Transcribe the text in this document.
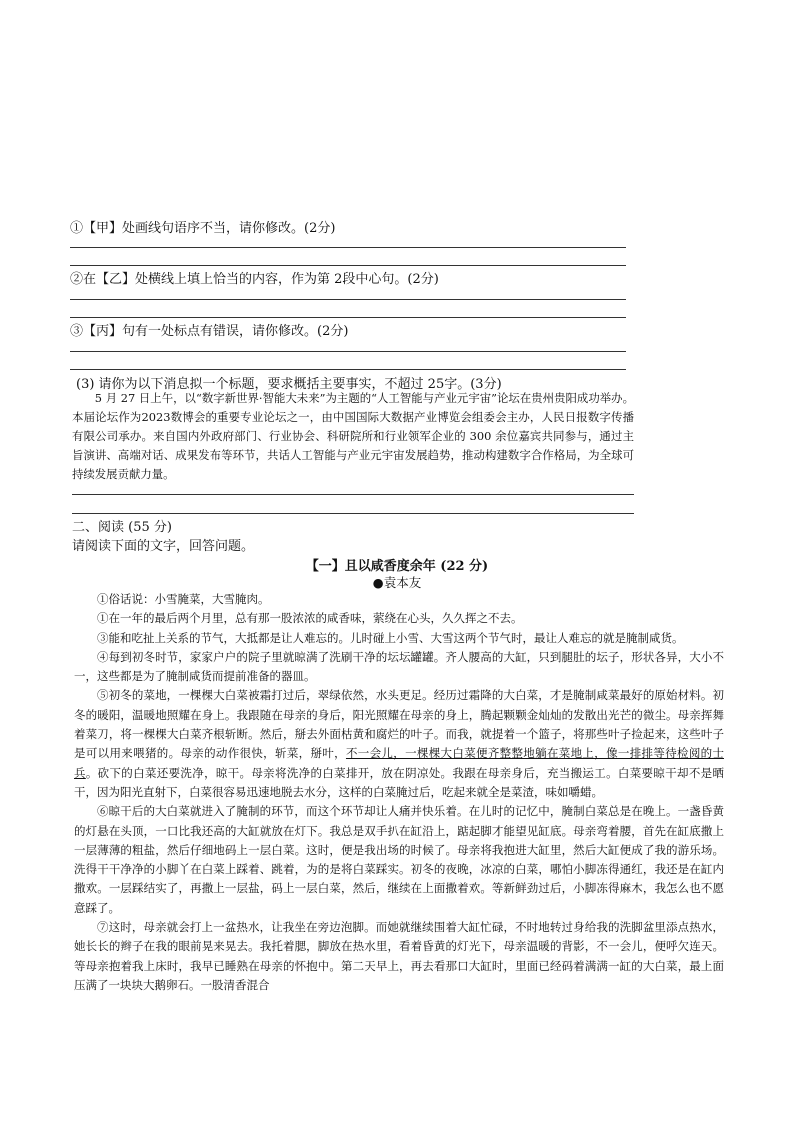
①【甲】处画线句语序不当，请你修改。(2分)
②在【乙】处横线上填上恰当的内容，作为第 2段中心句。(2分)
③【丙】句有一处标点有错误，请你修改。(2分)
(3) 请你为以下消息拟一个标题，要求概括主要事实，不超过 25字。(3分)
5 月 27 日上午，以“数字新世界·智能大未来”为主题的“人工智能与产业元宇宙”论坛在贵州贵阳成功举办。本届论坛作为2023数博会的重要专业论坛之一，由中国国际大数据产业博览会组委会主办，人民日报数字传播有限公司承办。来自国内外政府部门、行业协会、科研院所和行业领军企业的 300 余位嘉宾共同参与，通过主旨演讲、高端对话、成果发布等环节，共话人工智能与产业元宇宙发展趋势，推动构建数字合作格局，为全球可持续发展贡献力量。
二、阅读 (55 分)
请阅读下面的文字，回答问题。
【一】且以咸香度余年 (22 分)
●袁本友

①俗话说：小雪腌菜，大雪腌肉。

①在一年的最后两个月里，总有那一股浓浓的咸香味，萦绕在心头，久久挥之不去。

③能和吃扯上关系的节气，大抵都是让人难忘的。儿时碰上小雪、大雪这两个节气时，最让人难忘的就是腌制咸货。

④每到初冬时节，家家户户的院子里就晾满了洗刷干净的坛坛罐罐。齐人腰高的大缸，只到腿肚的坛子，形状各异，大小不一，这些都是为了腌制咸货而提前准备的器皿。

⑤初冬的菜地，一棵棵大白菜被霜打过后，翠绿依然，水头更足。经历过霜降的大白菜，才是腌制咸菜最好的原始材料。初冬的暖阳，温暖地照耀在身上。我跟随在母亲的身后，阳光照耀在母亲的身上，腾起颗颗金灿灿的发散出光芒的微尘。母亲挥舞着菜刀，将一棵棵大白菜齐根斩断。然后，掰去外面枯黄和腐烂的叶子。而我，就提着一个篮子，将那些叶子捡起来，这些叶子是可以用来喂猪的。母亲的动作很快，斩菜，掰叶，不一会儿，一棵棵大白菜便齐整整地躺在菜地上，像一排排等待检阅的士兵。砍下的白菜还要洗净，晾干。母亲将洗净的白菜排开，放在阴凉处。我跟在母亲身后，充当搬运工。白菜要晾干却不是晒干，因为阳光直射下，白菜很容易迅速地脱去水分，这样的白菜腌过后，吃起来就全是菜渣，味如嚼蜡。

⑥晾干后的大白菜就进入了腌制的环节，而这个环节却让人痛并快乐着。在儿时的记忆中，腌制白菜总是在晚上。一盏昏黄的灯悬在头顶，一口比我还高的大缸就放在灯下。我总是双手扒在缸沿上，踮起脚才能望见缸底。母亲弯着腰，首先在缸底撒上一层薄薄的粗盐，然后仔细地码上一层白菜。这时，便是我出场的时候了。母亲将我抱进大缸里，然后大缸便成了我的游乐场。洗得干干净净的小脚丫在白菜上踩着、跳着，为的是将白菜踩实。初冬的夜晚，冰凉的白菜，哪怕小脚冻得通红，我还是在缸内撒欢。一层踩结实了，再撒上一层盐，码上一层白菜，然后，继续在上面撒着欢。等新鲜劲过后，小脚冻得麻木，我怎么也不愿意踩了。

⑦这时，母亲就会打上一盆热水，让我坐在旁边泡脚。而她就继续围着大缸忙碌，不时地转过身给我的洗脚盆里添点热水，她长长的辫子在我的眼前晃来晃去。我托着腮，脚放在热水里，看着昏黄的灯光下，母亲温暖的背影，不一会儿，便呼欠连天。等母亲抱着我上床时，我早已睡熟在母亲的怀抱中。第二天早上，再去看那口大缸时，里面已经码着满满一缸的大白菜，最上面压满了一块块大鹅卵石。一股清香混合
